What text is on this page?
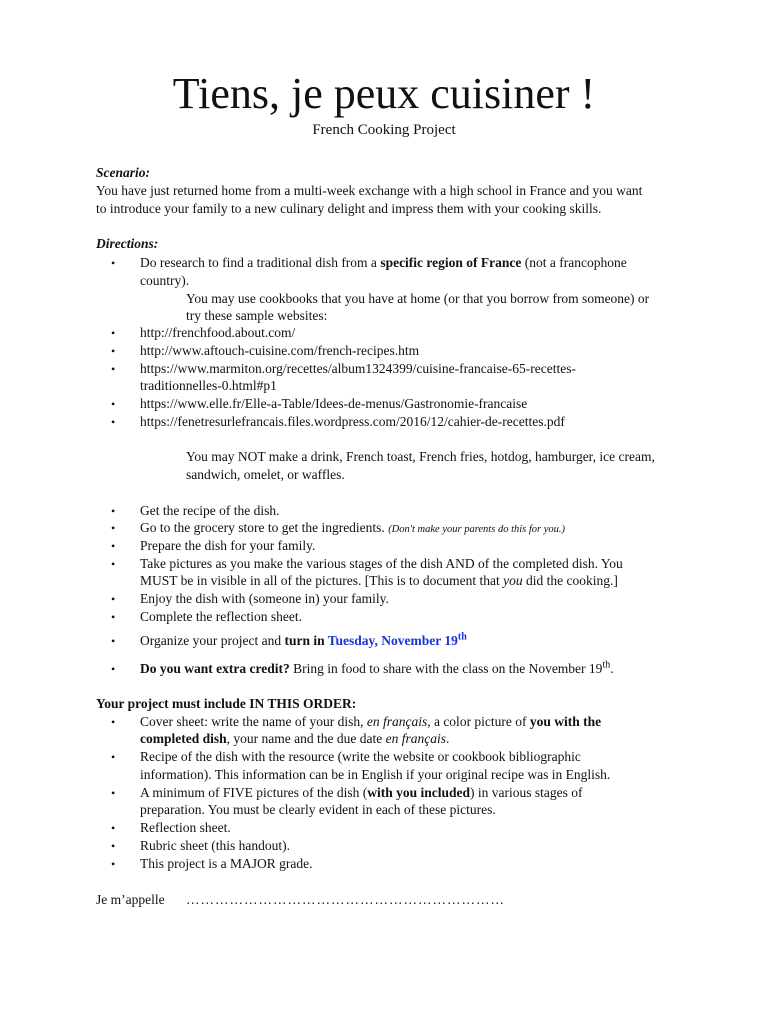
Tiens, je peux cuisiner !
French Cooking Project
Scenario:
You have just returned home from a multi-week exchange with a high school in France and you want
to introduce your family to a new culinary delight and impress them with your cooking skills.
Directions:
• Do research to find a traditional dish from a specific region of France (not a francophone
country).
You may use cookbooks that you have at home (or that you borrow from someone) or
try these sample websites:
• http://frenchfood.about.com/
• http://www.aftouch-cuisine.com/french-recipes.htm
• https://www.marmiton.org/recettes/album1324399/cuisine-francaise-65-recettes-
traditionnelles-0.html#p1
• https://www.elle.fr/Elle-a-Table/Idees-de-menus/Gastronomie-francaise
• https://fenetresurlefrancais.files.wordpress.com/2016/12/cahier-de-recettes.pdf
You may NOT make a drink, French toast, French fries, hotdog, hamburger, ice cream,
sandwich, omelet, or waffles.
• Get the recipe of the dish.
• Go to the grocery store to get the ingredients. (Don't make your parents do this for you.)
• Prepare the dish for your family.
• Take pictures as you make the various stages of the dish AND of the completed dish. You
MUST be in visible in all of the pictures. [This is to document that you did the cooking.]
• Enjoy the dish with (someone in) your family.
• Complete the reflection sheet.
• Organize your project and turn in Tuesday, November 19th
• Do you want extra credit? Bring in food to share with the class on the November 19th.
Your project must include IN THIS ORDER:
• Cover sheet: write the name of your dish, en français, a color picture of you with the
completed dish, your name and the due date en français.
• Recipe of the dish with the resource (write the website or cookbook bibliographic
information). This information can be in English if your original recipe was in English.
• A minimum of FIVE pictures of the dish (with you included) in various stages of
preparation. You must be clearly evident in each of these pictures.
• Reflection sheet.
• Rubric sheet (this handout).
• This project is a MAJOR grade.
Je m’appelle …………………………………………………………
